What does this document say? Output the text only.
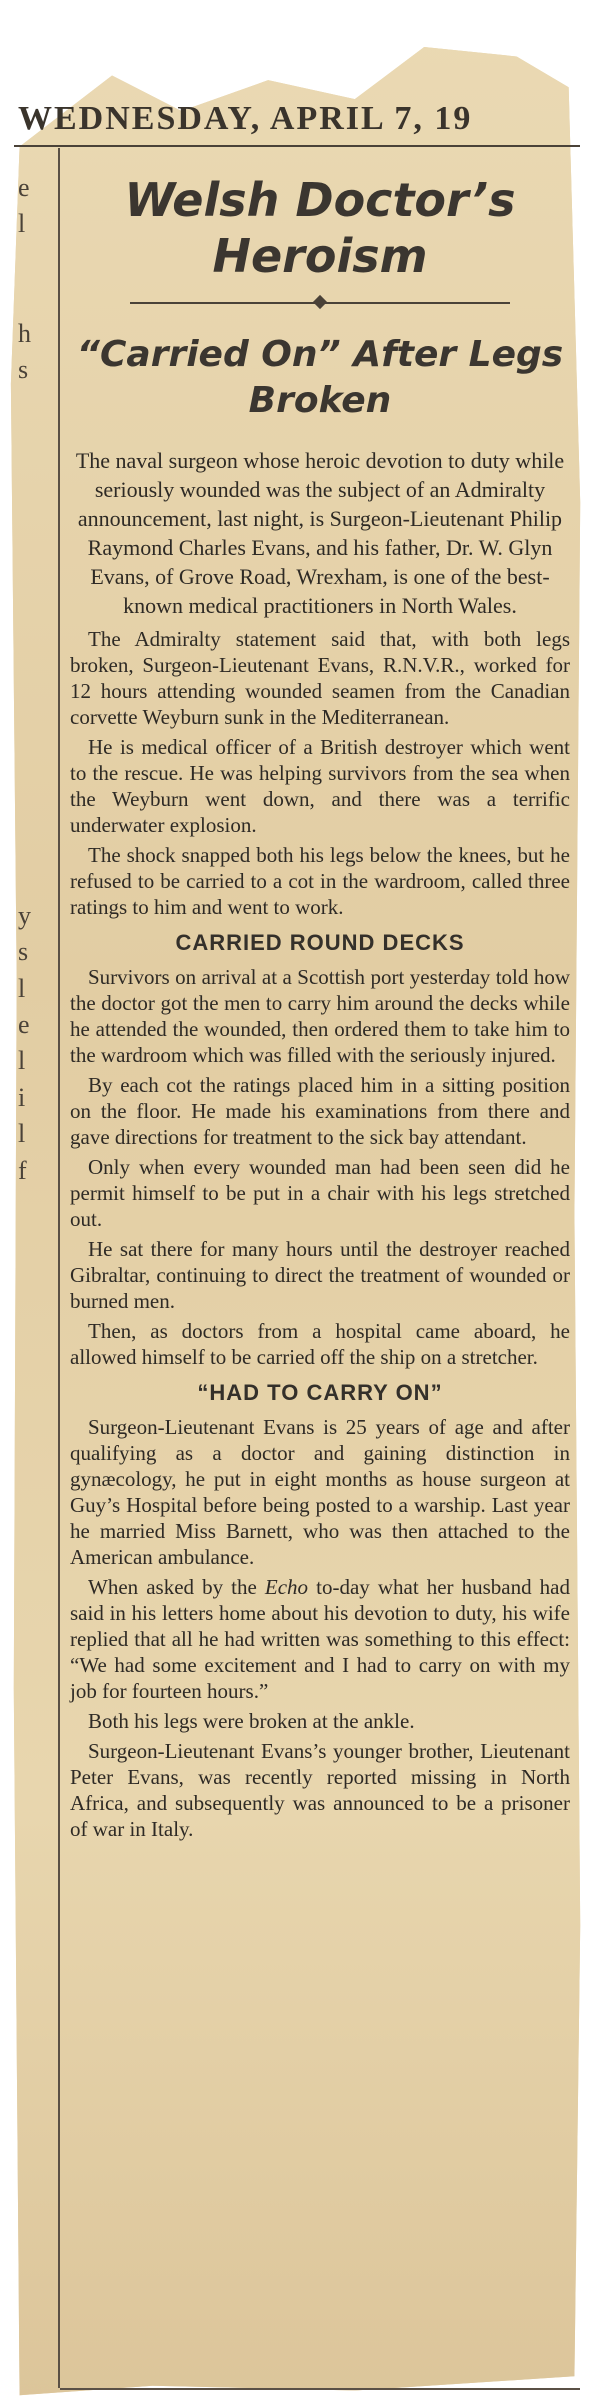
WEDNESDAY, APRIL 7, 19
e
l

h
s

y
s
l
e
l
i
l
f
Welsh Doctor’s Heroism
“Carried On” After Legs Broken

The naval surgeon whose heroic devotion to duty while seriously wounded was the subject of an Admiralty announcement, last night, is Surgeon-Lieutenant Philip Raymond Charles Evans, and his father, Dr. W. Glyn Evans, of Grove Road, Wrexham, is one of the best-known medical practitioners in North Wales.

The Admiralty statement said that, with both legs broken, Surgeon-Lieutenant Evans, R.N.V.R., worked for 12 hours attending wounded seamen from the Canadian corvette Weyburn sunk in the Mediterranean.

He is medical officer of a British destroyer which went to the rescue. He was helping survivors from the sea when the Weyburn went down, and there was a terrific underwater explosion.

The shock snapped both his legs below the knees, but he refused to be carried to a cot in the wardroom, called three ratings to him and went to work.

CARRIED ROUND DECKS

Survivors on arrival at a Scottish port yesterday told how the doctor got the men to carry him around the decks while he attended the wounded, then ordered them to take him to the wardroom which was filled with the seriously injured.

By each cot the ratings placed him in a sitting position on the floor. He made his examinations from there and gave directions for treatment to the sick bay attendant.

Only when every wounded man had been seen did he permit himself to be put in a chair with his legs stretched out.

He sat there for many hours until the destroyer reached Gibraltar, continuing to direct the treatment of wounded or burned men.

Then, as doctors from a hospital came aboard, he allowed himself to be carried off the ship on a stretcher.

“HAD TO CARRY ON”

Surgeon-Lieutenant Evans is 25 years of age and after qualifying as a doctor and gaining distinction in gynæcology, he put in eight months as house surgeon at Guy’s Hospital before being posted to a warship. Last year he married Miss Barnett, who was then attached to the American ambulance.

When asked by the Echo to-day what her husband had said in his letters home about his devotion to duty, his wife replied that all he had written was something to this effect: “We had some excitement and I had to carry on with my job for fourteen hours.”

Both his legs were broken at the ankle.

Surgeon-Lieutenant Evans’s younger brother, Lieutenant Peter Evans, was recently reported missing in North Africa, and subsequently was announced to be a prisoner of war in Italy.
